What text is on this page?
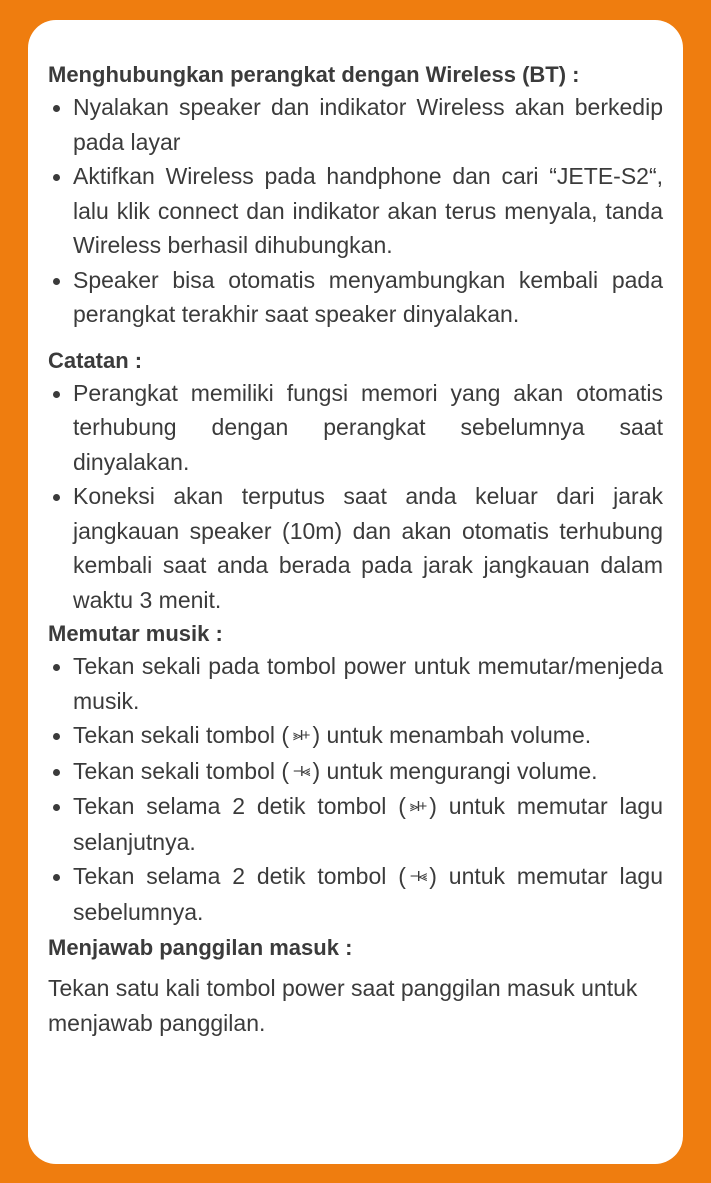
Menghubungkan perangkat dengan Wireless (BT) :
Nyalakan speaker dan indikator Wireless akan berkedip pada layar
Aktifkan Wireless pada handphone dan cari “JETE-S2“, lalu klik connect dan indikator akan terus menyala, tanda Wireless berhasil dihubungkan.
Speaker bisa otomatis menyambungkan kembali pada perangkat terakhir saat speaker dinyalakan.
Catatan :
Perangkat memiliki fungsi memori yang akan otomatis terhubung dengan perangkat sebelumnya saat dinyalakan.
Koneksi akan terputus saat anda keluar dari jarak jangkauan speaker (10m) dan akan otomatis terhubung kembali saat anda berada pada jarak jangkauan dalam waktu 3 menit.
Memutar musik :
Tekan sekali pada tombol power untuk memutar/menjeda musik.
Tekan sekali tombol ( ⪢I+ ) untuk menambah volume.
Tekan sekali tombol ( −I⪡ ) untuk mengurangi volume.
Tekan selama 2 detik tombol ( ⪢I+ ) untuk memutar lagu selanjutnya.
Tekan selama 2 detik tombol ( −I⪡ ) untuk memutar lagu sebelumnya.
Menjawab panggilan masuk :

Tekan satu kali tombol power saat panggilan masuk untuk menjawab panggilan.
